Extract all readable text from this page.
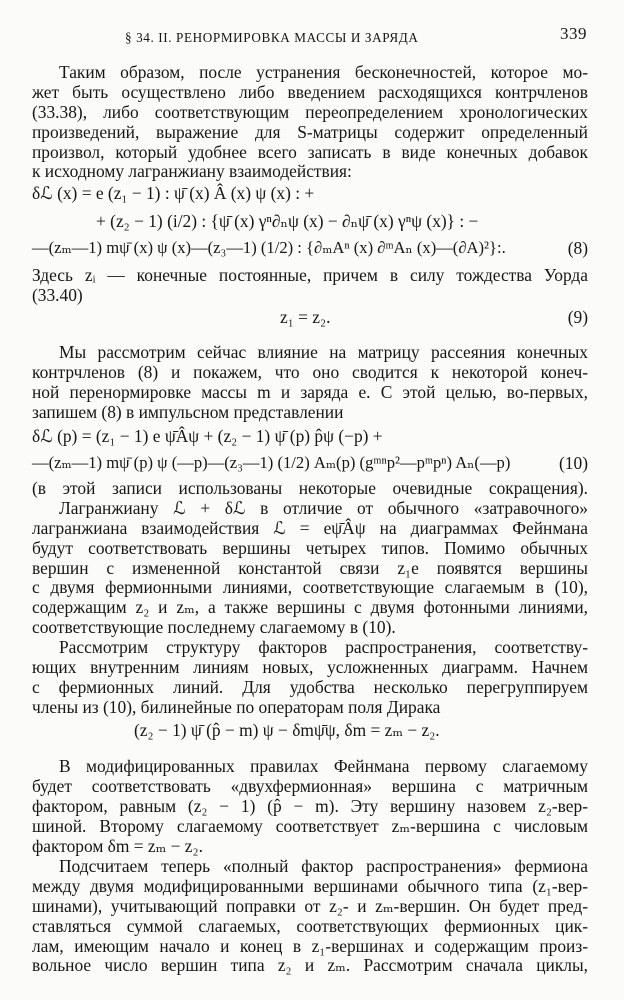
§ 34. II. РЕНОРМИРОВКА МАССЫ И ЗАРЯДА	339
Таким образом, после устранения бесконечностей, которое мо-
жет быть осуществлено либо введением расходящихся контрчленов
(33.38), либо соответствующим переопределением хронологических
произведений, выражение для S-матрицы содержит определенный
произвол, который удобнее всего записать в виде конечных добавок
к исходному лагранжиану взаимодействия:
δℒ (x) = e (z₁ − 1) : ψ̄ (x) Â (x) ψ (x) : +
+ (z₂ − 1) (i/2) : {ψ̄ (x) γⁿ∂ₙψ (x) − ∂ₙψ̄ (x) γⁿψ (x)} : −
—(zₘ—1) mψ̄ (x) ψ (x)—(z₃—1) (1/2) : {∂ₘAⁿ (x) ∂ᵐAₙ (x)—(∂A)²}:.	(8)
Здесь zᵢ — конечные постоянные, причем в силу тождества Уорда
(33.40)
z₁ = z₂.	(9)
Мы рассмотрим сейчас влияние на матрицу рассеяния конечных
контрчленов (8) и покажем, что оно сводится к некоторой конеч-
ной перенормировке массы m и заряда e. С этой целью, во-первых,
запишем (8) в импульсном представлении
δℒ (p) = (z₁ − 1) e ψ̄Âψ + (z₂ − 1) ψ̄ (p) p̂ψ (−p) +
—(zₘ—1) mψ̄ (p) ψ (—p)—(z₃—1) (1/2) Aₘ(p) (gᵐⁿp²—pᵐpⁿ) Aₙ(—p)	(10)
(в этой записи использованы некоторые очевидные сокращения).
Лагранжиану ℒ + δℒ в отличие от обычного «затравочного»
лагранжиана взаимодействия ℒ = eψ̄Âψ на диаграммах Фейнмана
будут соответствовать вершины четырех типов. Помимо обычных
вершин с измененной константой связи z₁e появятся вершины
с двумя фермионными линиями, соответствующие слагаемым в (10),
содержащим z₂ и zₘ, а также вершины с двумя фотонными линиями,
соответствующие последнему слагаемому в (10).
Рассмотрим структуру факторов распространения, соответству-
ющих внутренним линиям новых, усложненных диаграмм. Начнем
с фермионных линий. Для удобства несколько перегруппируем
члены из (10), билинейные по операторам поля Дирака
(z₂ − 1) ψ̄ (p̂ − m) ψ − δmψ̄ψ, δm = zₘ − z₂.
В модифицированных правилах Фейнмана первому слагаемому
будет соответствовать «двухфермионная» вершина с матричным
фактором, равным (z₂ − 1) (p̂ − m). Эту вершину назовем z₂-вер-
шиной. Второму слагаемому соответствует zₘ-вершина с числовым
фактором δm = zₘ − z₂.
Подсчитаем теперь «полный фактор распространения» фермиона
между двумя модифицированными вершинами обычного типа (z₁-вер-
шинами), учитывающий поправки от z₂- и zₘ-вершин. Он будет пред-
ставляться суммой слагаемых, соответствующих фермионных цик-
лам, имеющим начало и конец в z₁-вершинах и содержащим произ-
вольное число вершин типа z₂ и zₘ. Рассмотрим сначала циклы,
